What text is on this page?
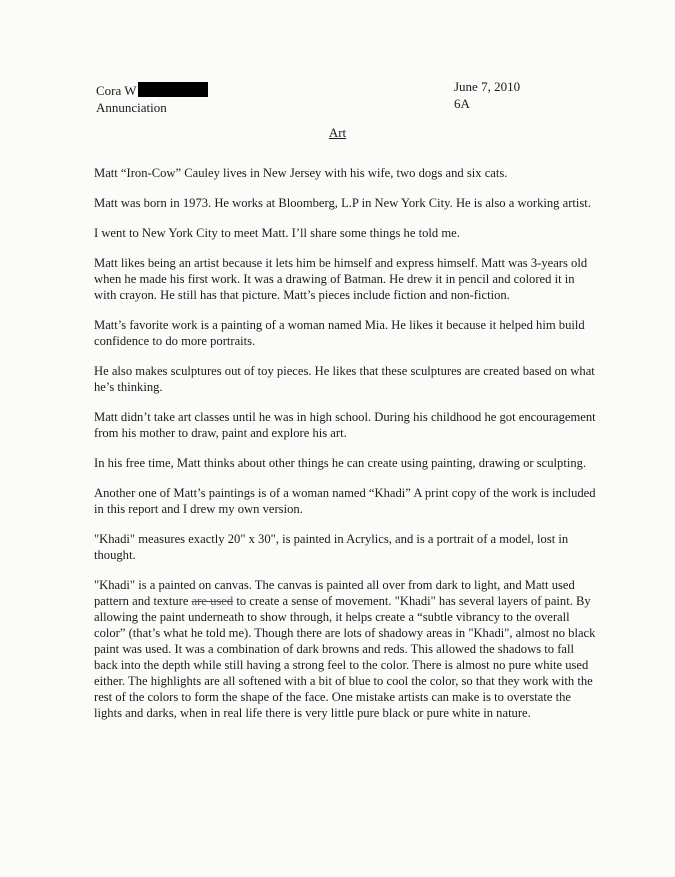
Cora W
Annunciation
June 7, 2010
6A
Art

Matt “Iron-Cow” Cauley lives in New Jersey with his wife, two dogs and six cats.

Matt was born in 1973. He works at Bloomberg, L.P in New York City. He is also a working artist.

I went to New York City to meet Matt. I’ll share some things he told me.

Matt likes being an artist because it lets him be himself and express himself. Matt was 3-years old when he made his first work. It was a drawing of Batman. He drew it in pencil and colored it in with crayon. He still has that picture. Matt’s pieces include fiction and non-fiction.

Matt’s favorite work is a painting of a woman named Mia. He likes it because it helped him build confidence to do more portraits.

He also makes sculptures out of toy pieces. He likes that these sculptures are created based on what he’s thinking.

Matt didn’t take art classes until he was in high school. During his childhood he got encouragement from his mother to draw, paint and explore his art.

In his free time, Matt thinks about other things he can create using painting, drawing or sculpting.

Another one of Matt’s paintings is of a woman named “Khadi” A print copy of the work is included in this report and I drew my own version.

"Khadi" measures exactly 20" x 30", is painted in Acrylics, and is a portrait of a model, lost in thought.

"Khadi" is a painted on canvas. The canvas is painted all over from dark to light, and Matt used pattern and texture are used to create a sense of movement. "Khadi" has several layers of paint. By allowing the paint underneath to show through, it helps create a “subtle vibrancy to the overall color” (that’s what he told me). Though there are lots of shadowy areas in "Khadi", almost no black paint was used. It was a combination of dark browns and reds. This allowed the shadows to fall back into the depth while still having a strong feel to the color. There is almost no pure white used either. The highlights are all softened with a bit of blue to cool the color, so that they work with the rest of the colors to form the shape of the face. One mistake artists can make is to overstate the lights and darks, when in real life there is very little pure black or pure white in nature.
